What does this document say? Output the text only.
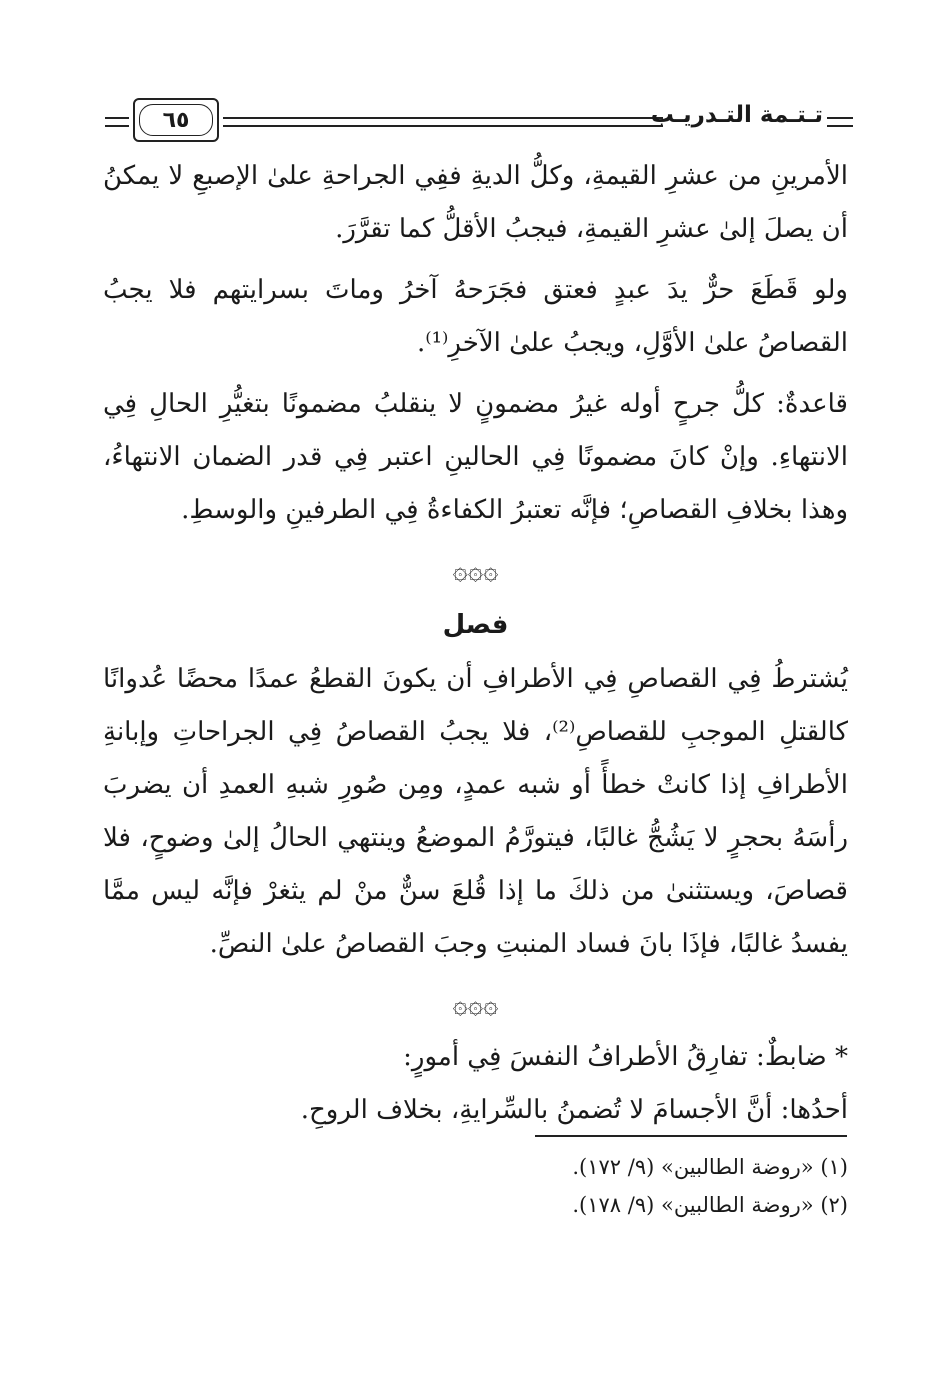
٦٥	تـتـمة التـدريـب

الأمرينِ من عشرِ القيمةِ، وكلُّ الديةِ ففِي الجراحةِ علىٰ الإصبعِ لا يمكنُ أن يصلَ إلىٰ عشرِ القيمةِ، فيجبُ الأقلُّ كما تقرَّرَ.

ولو قَطَعَ حرٌّ يدَ عبدٍ فعتق فجَرَحهُ آخرُ وماتَ بسرايتهم فلا يجبُ القصاصُ علىٰ الأوَّلِ، ويجبُ علىٰ الآخرِ⁽¹⁾.

قاعدةٌ: كلُّ جرحٍ أوله غيرُ مضمونٍ لا ينقلبُ مضمونًا بتغيُّرِ الحالِ فِي الانتهاءِ. وإنْ كانَ مضمونًا فِي الحالينِ اعتبر فِي قدر الضمان الانتهاءُ، وهذا بخلافِ القصاصِ؛ فإنَّه تعتبرُ الكفاءةُ فِي الطرفينِ والوسطِ.

۞۞۞

فصل

يُشترطُ فِي القصاصِ فِي الأطرافِ أن يكونَ القطعُ عمدًا محضًا عُدوانًا كالقتلِ الموجبِ للقصاصِ⁽²⁾، فلا يجبُ القصاصُ فِي الجراحاتِ وإبانةِ الأطرافِ إذا كانتْ خطأً أو شبه عمدٍ، ومِن صُورِ شبهِ العمدِ أن يضربَ رأسَهُ بحجرٍ لا يَشُجُّ غالبًا، فيتورَّمُ الموضعُ وينتهي الحالُ إلىٰ وضوحٍ، فلا قصاصَ، ويستثنىٰ من ذلكَ ما إذا قُلعَ سنٌّ منْ لم يثغرْ فإنَّه ليس ممَّا يفسدُ غالبًا، فإذَا بانَ فساد المنبتِ وجبَ القصاصُ علىٰ النصِّ.

۞۞۞

* ضابطٌ: تفارِقُ الأطرافُ النفسَ فِي أمورٍ:

أحدُها: أنَّ الأجسامَ لا تُضمنُ بالسِّرايةِ، بخلاف الروحِ.

(١) «روضة الطالبين» (٩/ ١٧٢).

(٢) «روضة الطالبين» (٩/ ١٧٨).
